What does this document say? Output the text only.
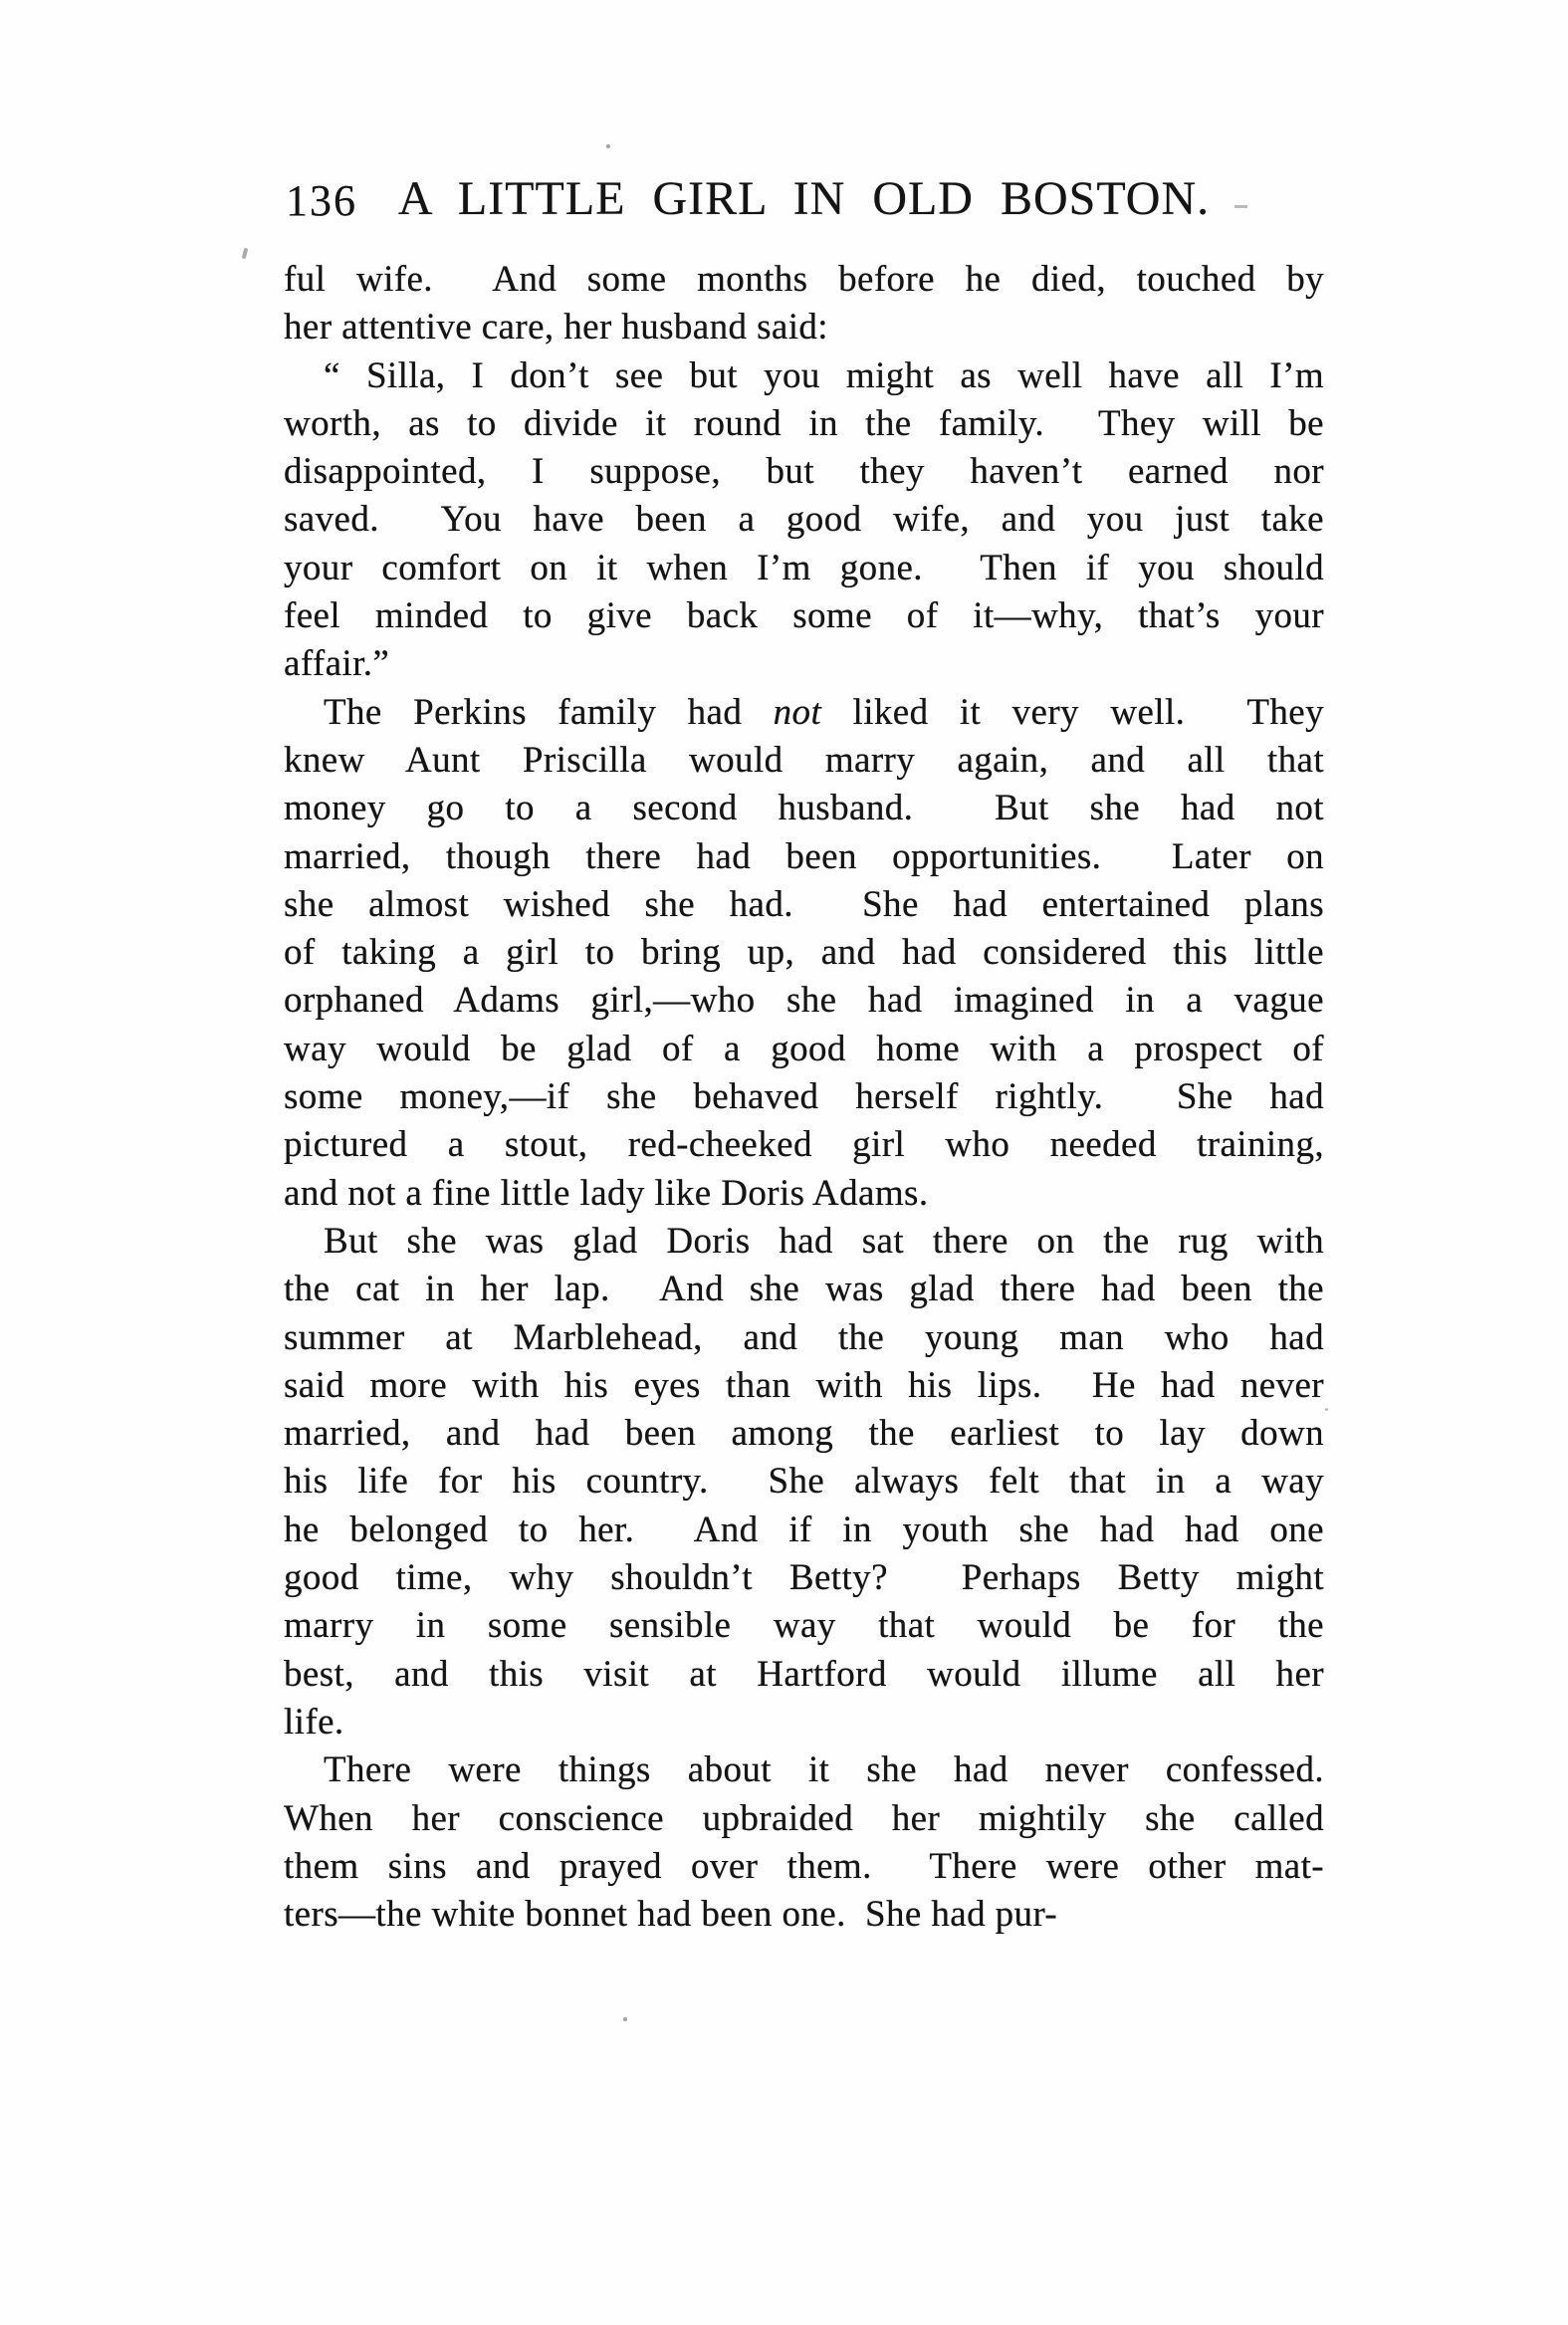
136 A LITTLE GIRL IN OLD BOSTON.
ful wife.  And some months before he died, touched by
her attentive care, her husband said:
“ Silla, I don’t see but you might as well have all I’m
worth, as to divide it round in the family.  They will be
disappointed, I suppose, but they haven’t earned nor
saved.  You have been a good wife, and you just take
your comfort on it when I’m gone.  Then if you should
feel minded to give back some of it—why, that’s your
affair.”
The Perkins family had not liked it very well.  They
knew Aunt Priscilla would marry again, and all that
money go to a second husband.  But she had not
married, though there had been opportunities.  Later on
she almost wished she had.  She had entertained plans
of taking a girl to bring up, and had considered this little
orphaned Adams girl,—who she had imagined in a vague
way would be glad of a good home with a prospect of
some money,—if she behaved herself rightly.  She had
pictured a stout, red-cheeked girl who needed training,
and not a fine little lady like Doris Adams.
But she was glad Doris had sat there on the rug with
the cat in her lap.  And she was glad there had been the
summer at Marblehead, and the young man who had
said more with his eyes than with his lips.  He had never
married, and had been among the earliest to lay down
his life for his country.  She always felt that in a way
he belonged to her.  And if in youth she had had one
good time, why shouldn’t Betty?  Perhaps Betty might
marry in some sensible way that would be for the
best, and this visit at Hartford would illume all her
life.
There were things about it she had never confessed.
When her conscience upbraided her mightily she called
them sins and prayed over them.  There were other mat-
ters—the white bonnet had been one.  She had pur-
